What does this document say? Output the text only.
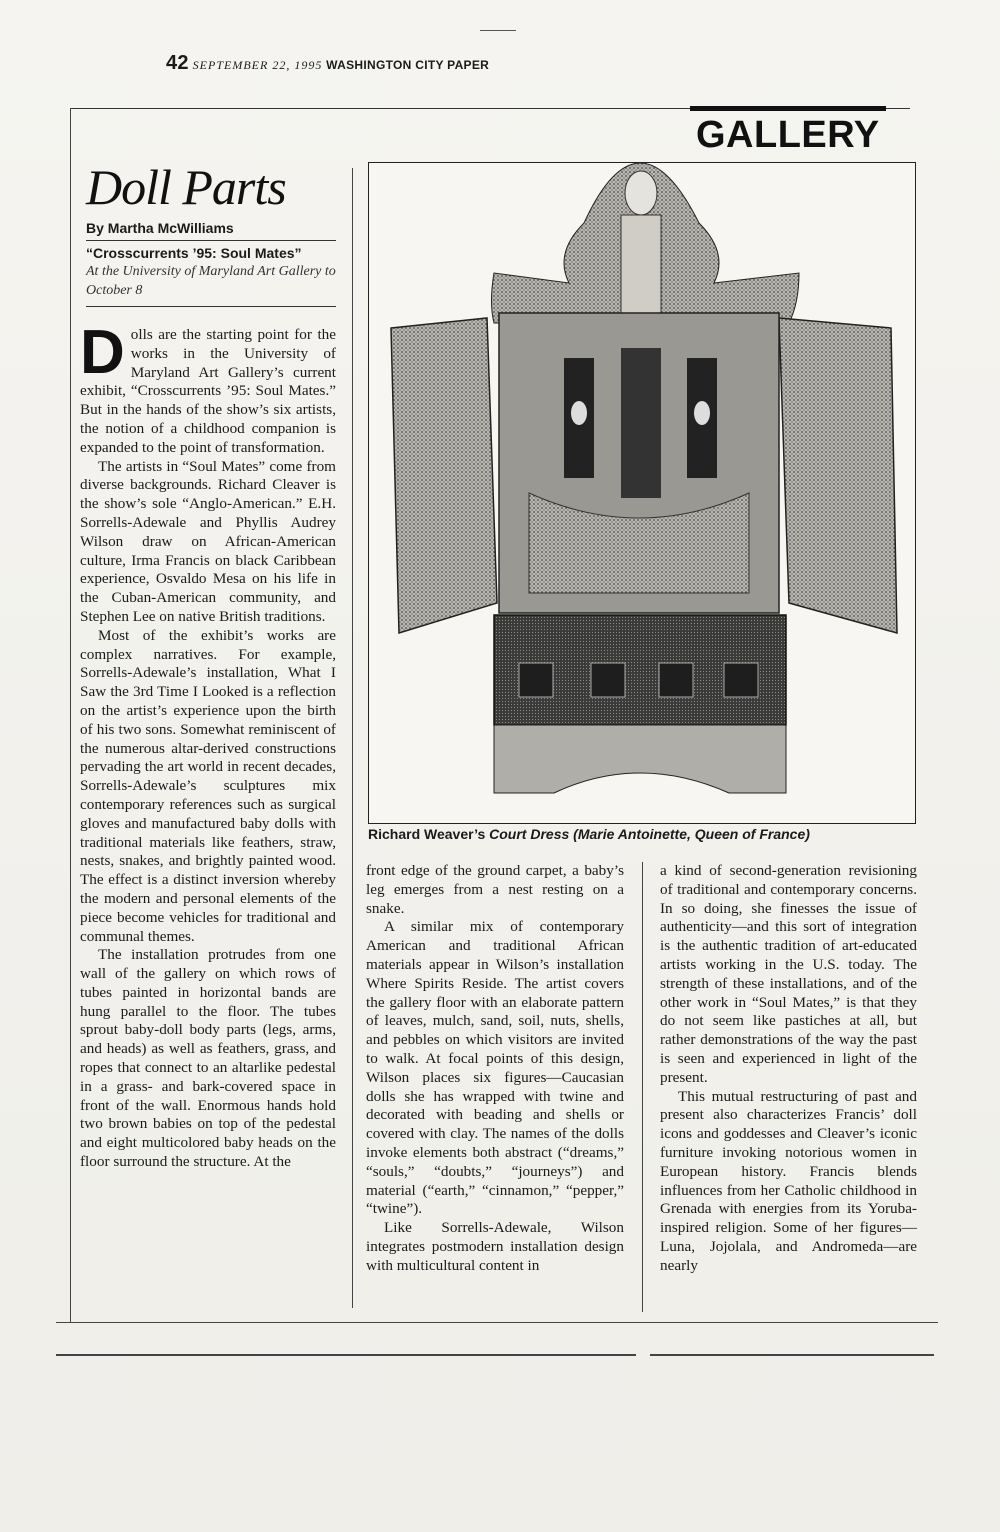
42 SEPTEMBER 22, 1995 WASHINGTON CITY PAPER
GALLERY
Doll Parts
By Martha McWilliams
“Crosscurrents ’95: Soul Mates”
At the University of Maryland Art Gallery to October 8

Dolls are the starting point for the works in the University of Maryland Art Gallery’s current exhibit, “Crosscurrents ’95: Soul Mates.” But in the hands of the show’s six artists, the notion of a childhood companion is expanded to the point of transformation.

The artists in “Soul Mates” come from diverse backgrounds. Richard Cleaver is the show’s sole “Anglo-American.” E.H. Sorrells-Adewale and Phyllis Audrey Wilson draw on African-American culture, Irma Francis on black Caribbean experience, Osvaldo Mesa on his life in the Cuban-American community, and Stephen Lee on native British traditions.

Most of the exhibit’s works are complex narratives. For example, Sorrells-Adewale’s installation, What I Saw the 3rd Time I Looked is a reflection on the artist’s experience upon the birth of his two sons. Somewhat reminiscent of the numerous altar-derived constructions pervading the art world in recent decades, Sorrells-Adewale’s sculptures mix contemporary references such as surgical gloves and manufactured baby dolls with traditional materials like feathers, straw, nests, snakes, and brightly painted wood. The effect is a distinct inversion whereby the modern and personal elements of the piece become vehicles for traditional and communal themes.

The installation protrudes from one wall of the gallery on which rows of tubes painted in horizontal bands are hung parallel to the floor. The tubes sprout baby-doll body parts (legs, arms, and heads) as well as feathers, grass, and ropes that connect to an altarlike pedestal in a grass- and bark-covered space in front of the wall. Enormous hands hold two brown babies on top of the pedestal and eight multicolored baby heads on the floor surround the structure. At the

Richard Weaver’s Court Dress (Marie Antoinette, Queen of France)

front edge of the ground carpet, a baby’s leg emerges from a nest resting on a snake.

A similar mix of contemporary American and traditional African materials appear in Wilson’s installation Where Spirits Reside. The artist covers the gallery floor with an elaborate pattern of leaves, mulch, sand, soil, nuts, shells, and pebbles on which visitors are invited to walk. At focal points of this design, Wilson places six figures—Caucasian dolls she has wrapped with twine and decorated with beading and shells or covered with clay. The names of the dolls invoke elements both abstract (“dreams,” “souls,” “doubts,” “journeys”) and material (“earth,” “cinnamon,” “pepper,” “twine”).

Like Sorrells-Adewale, Wilson integrates postmodern installation design with multicultural content in

a kind of second-generation revisioning of traditional and contemporary concerns. In so doing, she finesses the issue of authenticity—and this sort of integration is the authentic tradition of art-educated artists working in the U.S. today. The strength of these installations, and of the other work in “Soul Mates,” is that they do not seem like pastiches at all, but rather demonstrations of the way the past is seen and experienced in light of the present.

This mutual restructuring of past and present also characterizes Francis’ doll icons and goddesses and Cleaver’s iconic furniture invoking notorious women in European history. Francis blends influences from her Catholic childhood in Grenada with energies from its Yoruba-inspired religion. Some of her figures—Luna, Jojolala, and Andromeda—are nearly
